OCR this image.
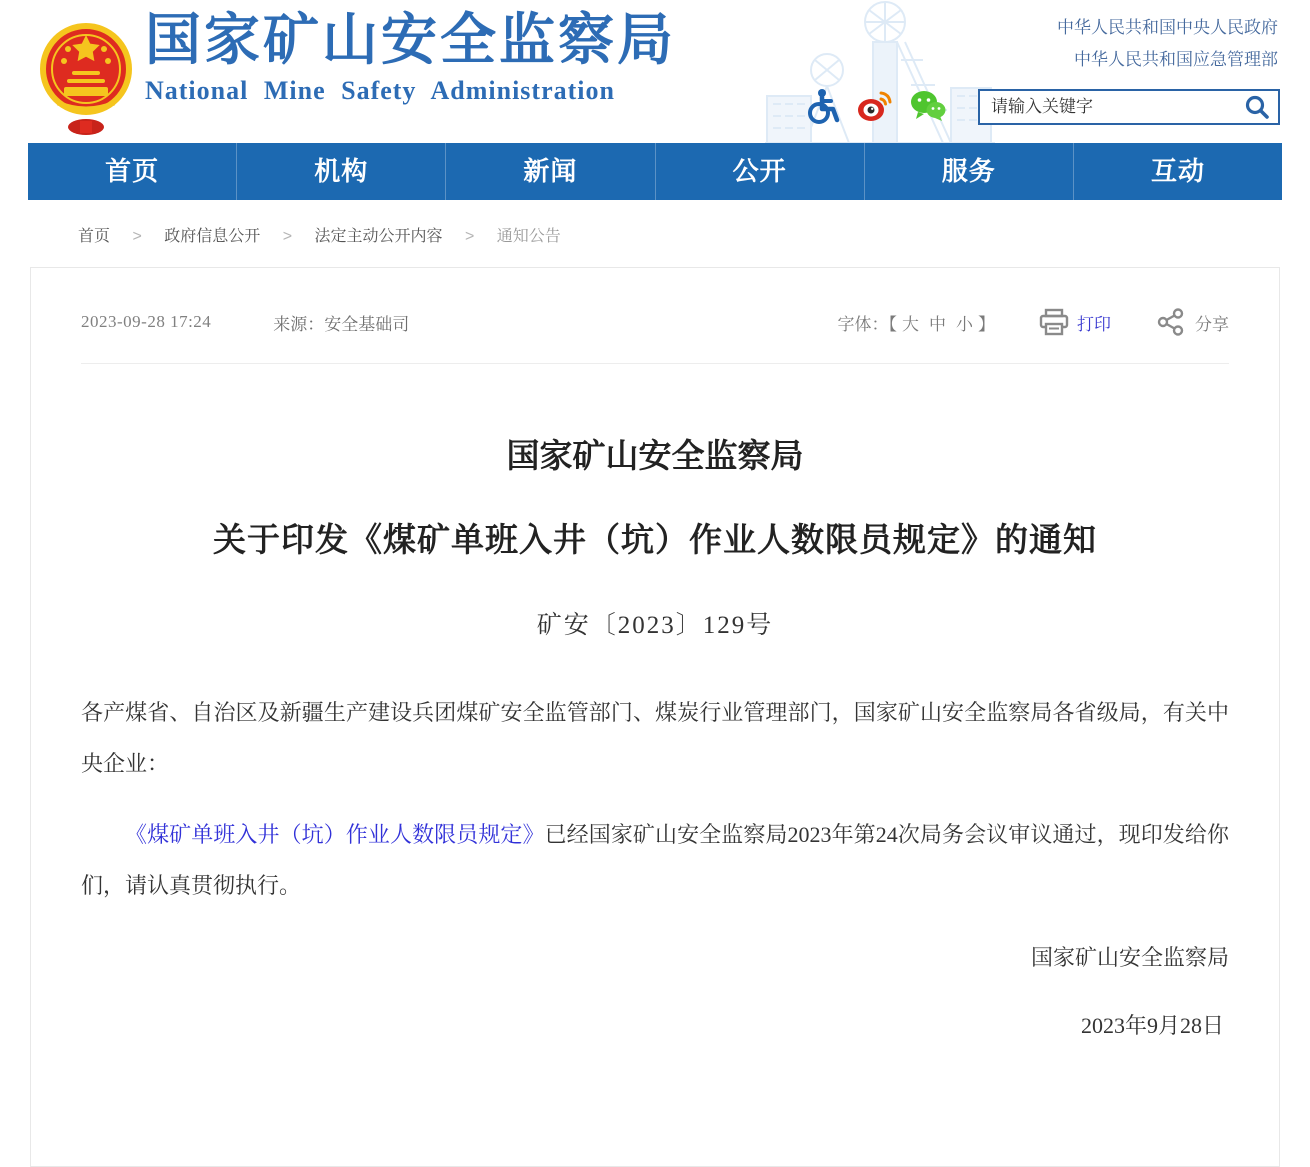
国家矿山安全监察局
National Mine Safety Administration
中华人民共和国中央人民政府
中华人民共和国应急管理部
请输入关键字
首页	机构	新闻	公开	服务	互动
首页 > 政府信息公开 > 法定主动公开内容 > 通知公告
2023-09-28 17:24	来源：安全基础司	字体：【 大 中 小 】	打印	分享
国家矿山安全监察局
关于印发《煤矿单班入井（坑）作业人数限员规定》的通知
矿安〔2023〕129号

各产煤省、自治区及新疆生产建设兵团煤矿安全监管部门、煤炭行业管理部门，国家矿山安全监察局各省级局，有关中央企业：

《煤矿单班入井（坑）作业人数限员规定》已经国家矿山安全监察局2023年第24次局务会议审议通过，现印发给你们，请认真贯彻执行。

国家矿山安全监察局
2023年9月28日
